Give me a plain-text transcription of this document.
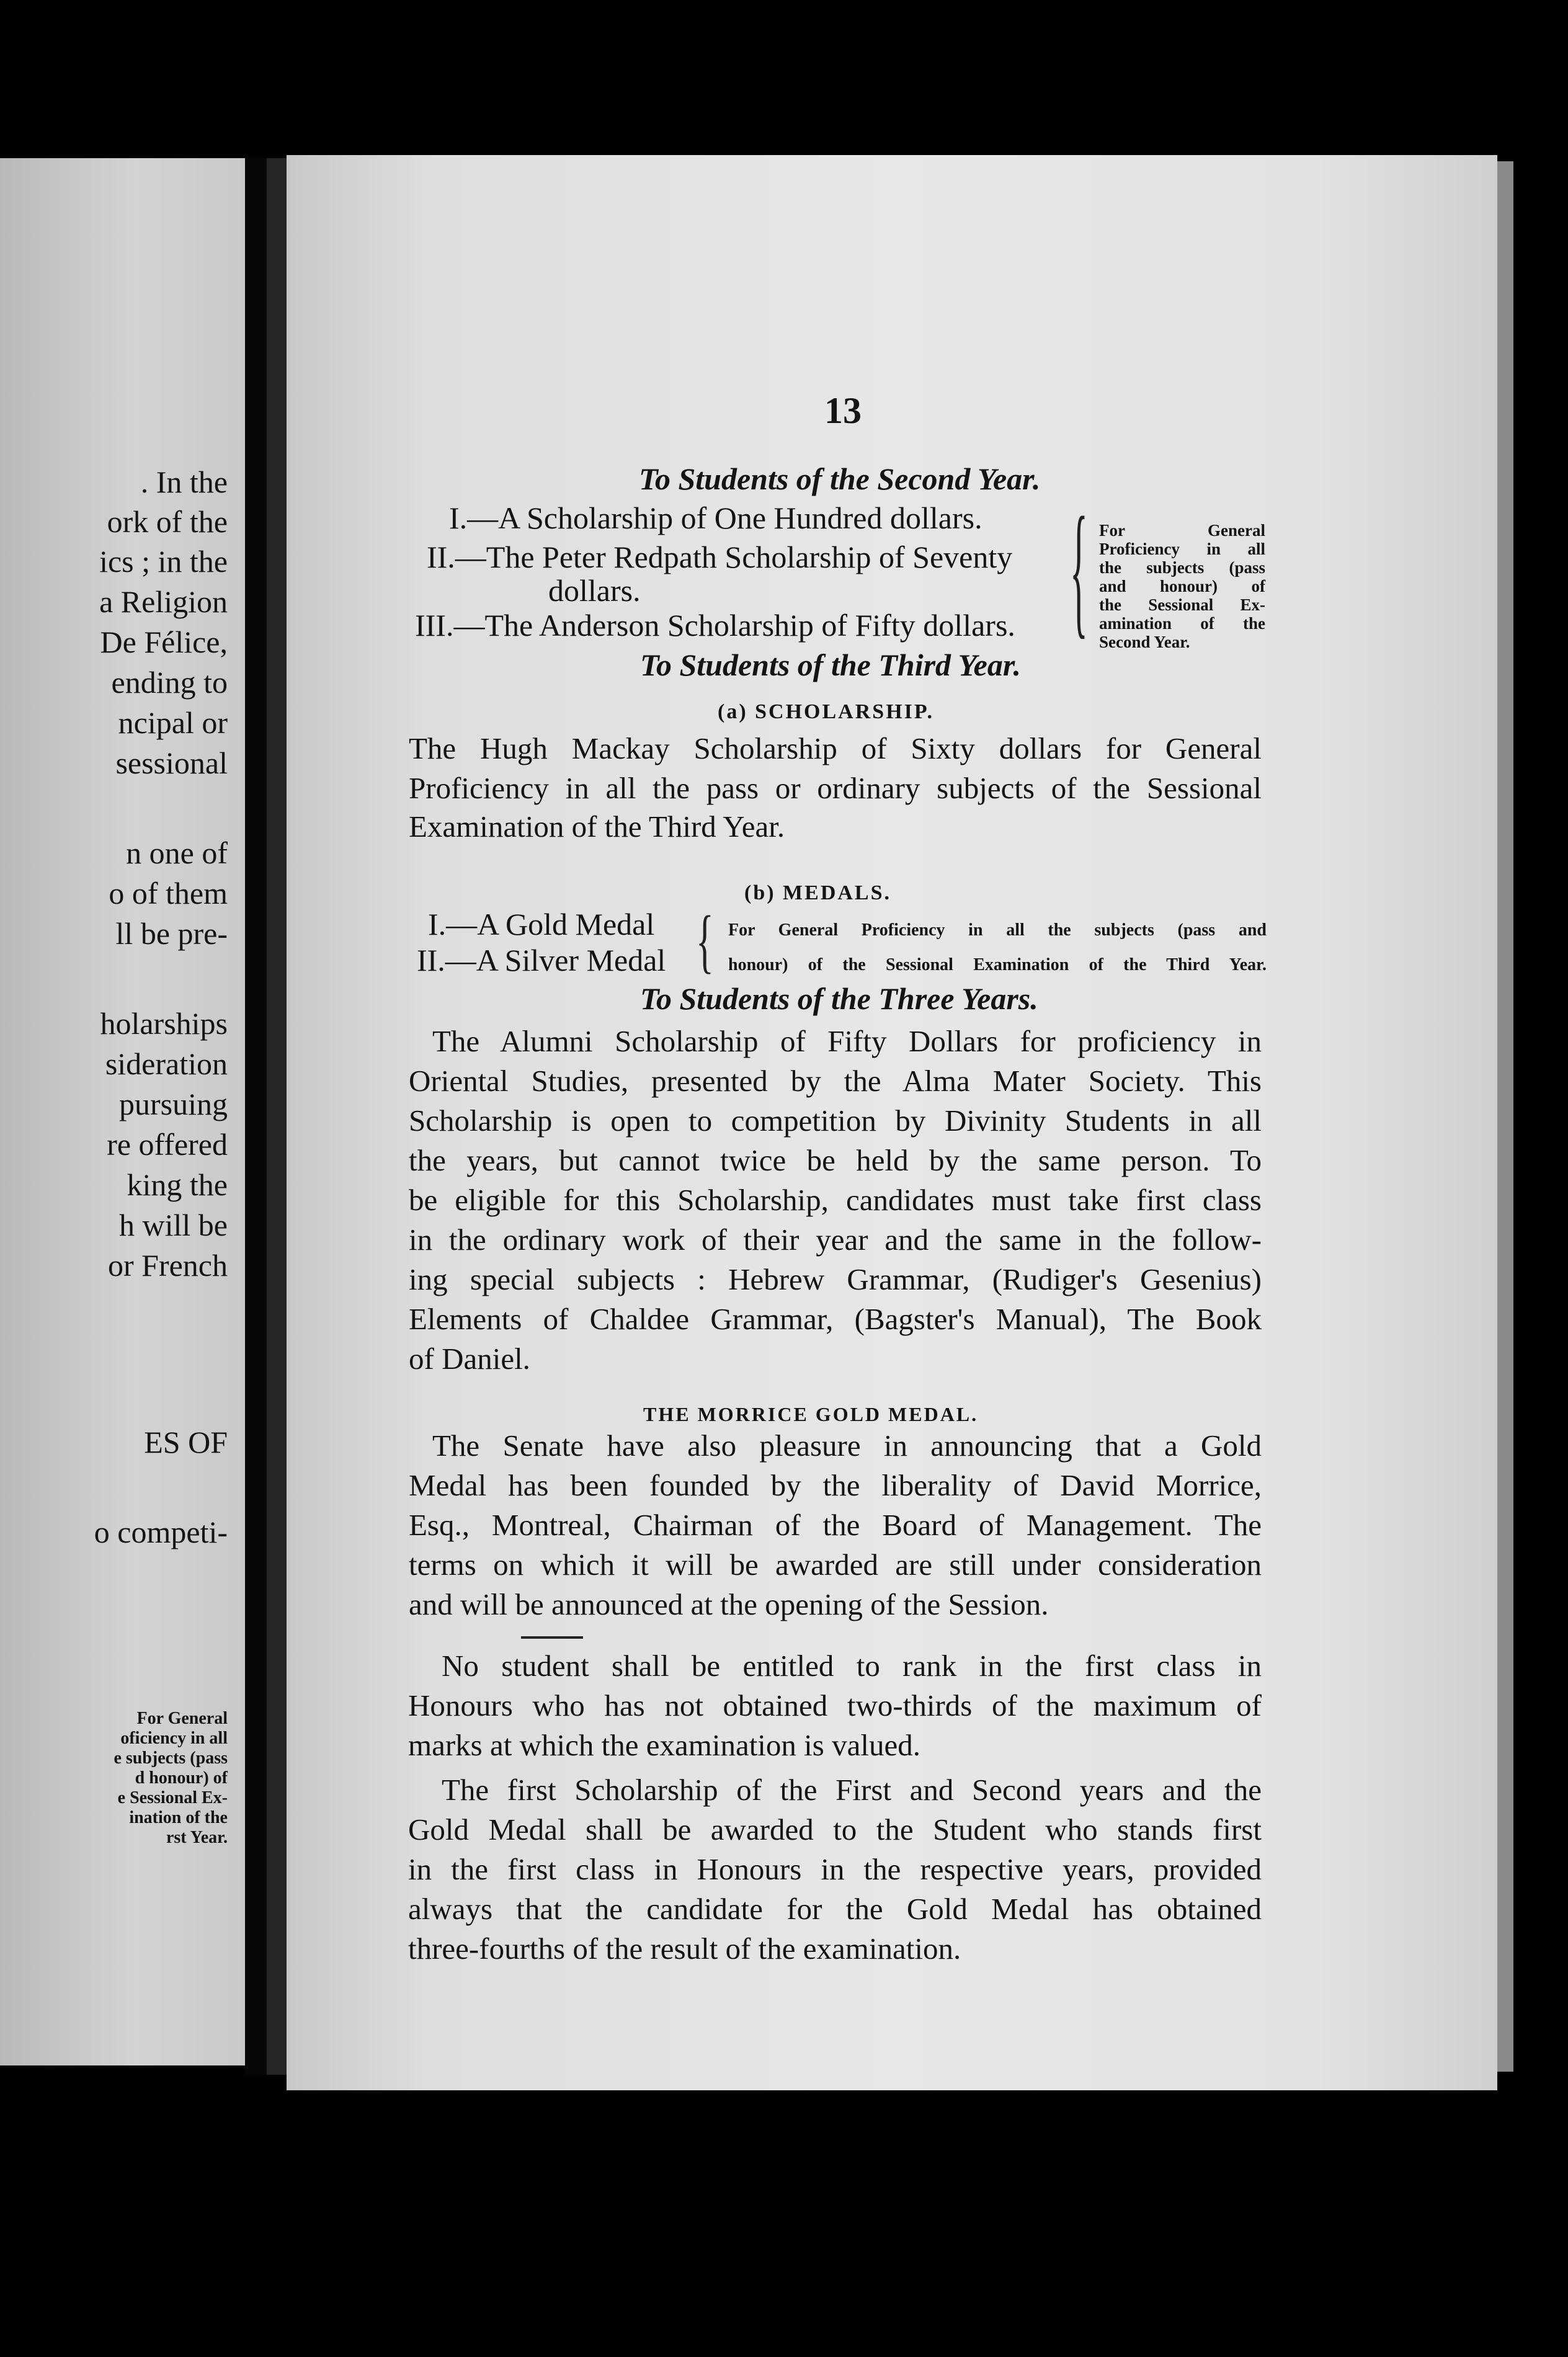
. In the
ork of the
ics ; in the
a Religion
De Félice,
ending to
ncipal or
sessional
n one of
o of them
ll be pre-
holarships
sideration
pursuing
re offered
king the
h will be
or French
ES OF
o competi-
For General
oficiency in all
e subjects (pass
d honour) of
e Sessional Ex-
ination of the
rst Year.
13
To Students of the Second Year.
I.—A Scholarship of One Hundred dollars.
II.—The Peter Redpath Scholarship of Seventy
dollars.
III.—The Anderson Scholarship of Fifty dollars. { For General
Proficiency in all
the subjects (pass
and honour) of
the Sessional Ex-
amination of the
Second Year.
To Students of the Third Year.
(a) SCHOLARSHIP.
The Hugh Mackay Scholarship of Sixty dollars for General
Proficiency in all the pass or ordinary subjects of the Sessional
Examination of the Third Year.
(b) MEDALS.
I.—A Gold Medal
II.—A Silver Medal { For General Proficiency in all the subjects (pass and
honour) of the Sessional Examination of the Third Year.
To Students of the Three Years.
The Alumni Scholarship of Fifty Dollars for proficiency in
Oriental Studies, presented by the Alma Mater Society. This
Scholarship is open to competition by Divinity Students in all
the years, but cannot twice be held by the same person. To
be eligible for this Scholarship, candidates must take first class
in the ordinary work of their year and the same in the follow-
ing special subjects : Hebrew Grammar, (Rudiger's Gesenius)
Elements of Chaldee Grammar, (Bagster's Manual), The Book
of Daniel.
THE MORRICE GOLD MEDAL.
The Senate have also pleasure in announcing that a Gold
Medal has been founded by the liberality of David Morrice,
Esq., Montreal, Chairman of the Board of Management. The
terms on which it will be awarded are still under consideration
and will be announced at the opening of the Session.
No student shall be entitled to rank in the first class in
Honours who has not obtained two-thirds of the maximum of
marks at which the examination is valued.
The first Scholarship of the First and Second years and the
Gold Medal shall be awarded to the Student who stands first
in the first class in Honours in the respective years, provided
always that the candidate for the Gold Medal has obtained
three-fourths of the result of the examination.
